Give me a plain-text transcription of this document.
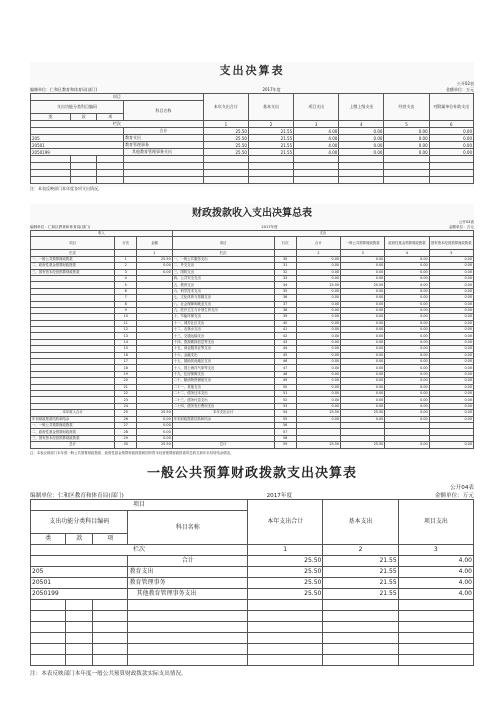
支出决算表
编制单位：仁和区教育和体育局(部门)	2017年度
公开02表
金额单位：万元
项目				本年支出合计	基本支出	项目支出	上缴上级支出	经营支出	对附属单位补助支出
支出功能分类科目编码			科目名称						
类	款	项							
栏次				1	2	3	4	5	6
			合计	25.50	21.55	4.00	0.00	0.00	0.00
205			教育支出	25.50	21.55	4.00	0.00	0.00	0.00
20501			教育管理事务	25.50	21.55	4.00	0.00	0.00	0.00
2050199			其他教育管理事务支出	25.50	21.55	4.00	0.00	0.00	0.00

注：本表反映部门本年度各项支出情况。
财政拨款收入支出决算总表
编制单位：仁和区教育和体育局(部门)	2017年度
公开03表
金额单位：万元
收入			支出					
项目	行次	金额	项目	行次	合计	一般公共预算财政拨款	政府性基金预算财政拨款	国有资本经营预算财政拨款
栏次		1	栏次		2	3	4	5
一、一般公共预算财政拨款	1	25.50	一、一般公共服务支出	30	0.00	0.00	0.00	0.00
二、政府性基金预算财政拨款	2	0.00	二、外交支出	31	0.00	0.00	0.00	0.00
三、国有资本经营预算财政拨款	3	0.00	三、国防支出	32	0.00	0.00	0.00	0.00
	4		四、公共安全支出	33	0.00	0.00	0.00	0.00
	5		五、教育支出	34	25.50	25.50	0.00	0.00
	6		六、科学技术支出	35	0.00	0.00	0.00	0.00
	7		七、文化体育与传媒支出	36	0.00	0.00	0.00	0.00
	8		八、社会保障和就业支出	37	0.00	0.00	0.00	0.00
	9		九、医疗卫生与计划生育支出	38	0.00	0.00	0.00	0.00
	10		十、节能环保支出	39	0.00	0.00	0.00	0.00
	11		十一、城乡社区支出	40	0.00	0.00	0.00	0.00
	12		十二、农林水支出	41	0.00	0.00	0.00	0.00
	13		十三、交通运输支出	42	0.00	0.00	0.00	0.00
	14		十四、资源勘探信息等支出	43	0.00	0.00	0.00	0.00
	15		十五、商业服务业等支出	44	0.00	0.00	0.00	0.00
	16		十六、金融支出	45	0.00	0.00	0.00	0.00
	17		十七、援助其他地区支出	46	0.00	0.00	0.00	0.00
	18		十八、国土海洋气象等支出	47	0.00	0.00	0.00	0.00
	19		十九、住房保障支出	48	0.00	0.00	0.00	0.00
	20		二十、粮油物资储备支出	49	0.00	0.00	0.00	0.00
	21		二十一、其他支出	50	0.00	0.00	0.00	0.00
	22		二十二、债务还本支出	51	0.00	0.00	0.00	0.00
	23		二十三、债务付息支出	52	0.00	0.00	0.00	0.00
	24		二十四、债务发行费用支出	53	0.00	0.00	0.00	0.00
本年收入合计	25	25.50	本年支出合计	54	25.50	25.50	0.00	0.00
年初财政拨款结转和结余	26	0.00	年末财政拨款结转和结余	55	0.00	0.00	0.00	0.00
一、一般公共预算财政拨款	27	0.00		56				
二、政府性基金预算财政拨款	28	0.00		57				
三、国有资本经营预算财政拨款	29	0.00		58				
总计	30	25.50	总计	59	25.50	25.50	0.00	0.00
注：本表反映部门本年度一般公共预算财政拨款、政府性基金预算财政拨款和国有资本经营预算财政拨款的总收支和年末结转结余情况。
一般公共预算财政拨款支出决算表
编制单位：仁和区教育和体育局(部门)	2017年度
公开04表
金额单位：万元
项目				本年支出合计	基本支出	项目支出
支出功能分类科目编码			科目名称			
类	款	项				
栏次				1	2	3
			合计	25.50	21.55	4.00
205			教育支出	25.50	21.55	4.00
20501			教育管理事务	25.50	21.55	4.00
2050199			其他教育管理事务支出	25.50	21.55	4.00

注：本表反映部门本年度一般公共预算财政拨款实际支出情况。
